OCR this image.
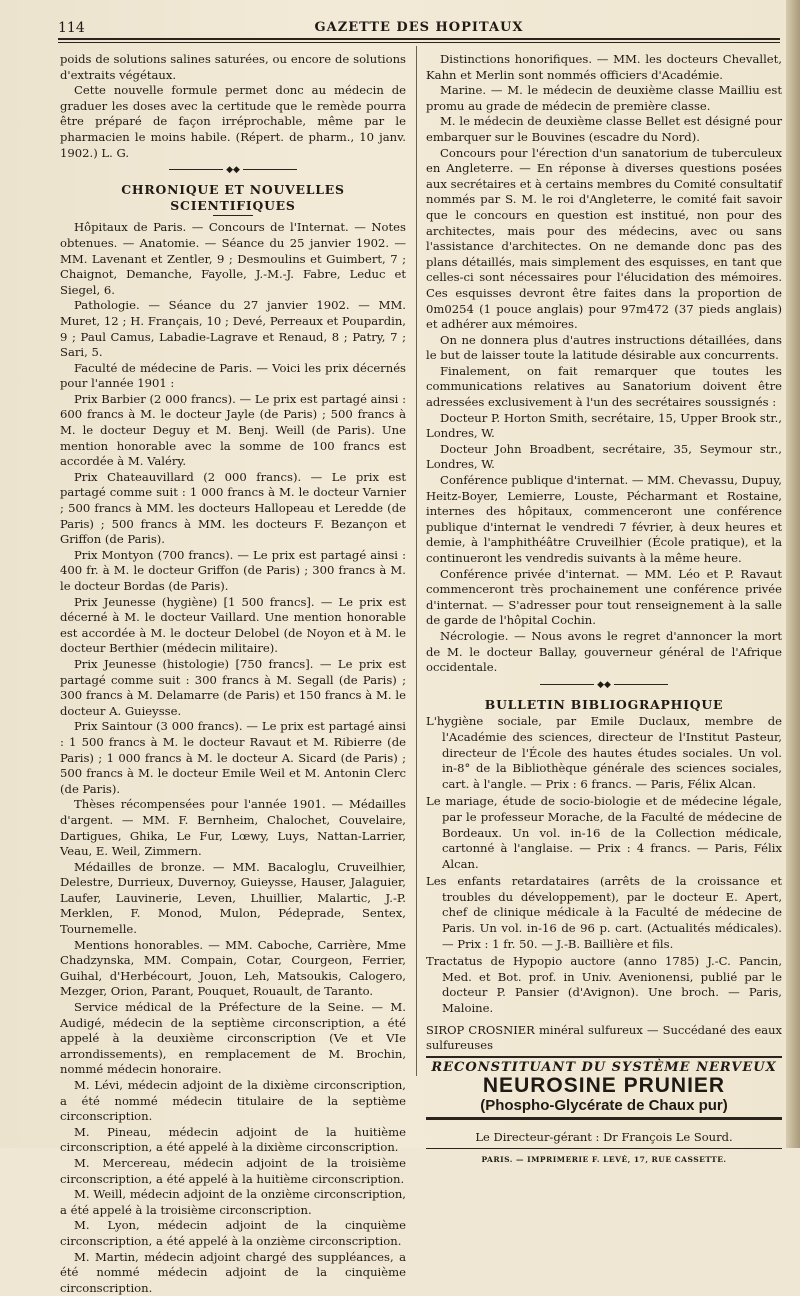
114	GAZETTE DES HOPITAUX

poids de solutions salines saturées, ou encore de solutions d'extraits végétaux.

Cette nouvelle formule permet donc au médecin de graduer les doses avec la certitude que le remède pourra être préparé de façon irréprochable, même par le pharmacien le moins habile. (Répert. de pharm., 10 janv. 1902.) L. G.

◆◆
CHRONIQUE ET NOUVELLES SCIENTIFIQUES

Hôpitaux de Paris. — Concours de l'Internat. — Notes obtenues. — Anatomie. — Séance du 25 janvier 1902. — MM. Lavenant et Zentler, 9 ; Desmoulins et Guimbert, 7 ; Chaignot, Demanche, Fayolle, J.-M.-J. Fabre, Leduc et Siegel, 6.

Pathologie. — Séance du 27 janvier 1902. — MM. Muret, 12 ; H. Français, 10 ; Devé, Perreaux et Poupardin, 9 ; Paul Camus, Labadie-Lagrave et Renaud, 8 ; Patry, 7 ; Sari, 5.

Faculté de médecine de Paris. — Voici les prix décernés pour l'année 1901 :

Prix Barbier (2 000 francs). — Le prix est partagé ainsi : 600 francs à M. le docteur Jayle (de Paris) ; 500 francs à M. le docteur Deguy et M. Benj. Weill (de Paris). Une mention honorable avec la somme de 100 francs est accordée à M. Valéry.

Prix Chateauvillard (2 000 francs). — Le prix est partagé comme suit : 1 000 francs à M. le docteur Varnier ; 500 francs à MM. les docteurs Hallopeau et Leredde (de Paris) ; 500 francs à MM. les docteurs F. Bezançon et Griffon (de Paris).

Prix Montyon (700 francs). — Le prix est partagé ainsi : 400 fr. à M. le docteur Griffon (de Paris) ; 300 francs à M. le docteur Bordas (de Paris).

Prix Jeunesse (hygiène) [1 500 francs]. — Le prix est décerné à M. le docteur Vaillard. Une mention honorable est accordée à M. le docteur Delobel (de Noyon et à M. le docteur Berthier (médecin militaire).

Prix Jeunesse (histologie) [750 francs]. — Le prix est partagé comme suit : 300 francs à M. Segall (de Paris) ; 300 francs à M. Delamarre (de Paris) et 150 francs à M. le docteur A. Guieysse.

Prix Saintour (3 000 francs). — Le prix est partagé ainsi : 1 500 francs à M. le docteur Ravaut et M. Ribierre (de Paris) ; 1 000 francs à M. le docteur A. Sicard (de Paris) ; 500 francs à M. le docteur Emile Weil et M. Antonin Clerc (de Paris).

Thèses récompensées pour l'année 1901. — Médailles d'argent. — MM. F. Bernheim, Chalochet, Couvelaire, Dartigues, Ghika, Le Fur, Lœwy, Luys, Nattan-Larrier, Veau, E. Weil, Zimmern.

Médailles de bronze. — MM. Bacaloglu, Cruveilhier, Delestre, Durrieux, Duvernoy, Guieysse, Hauser, Jalaguier, Laufer, Lauvinerie, Leven, Lhuillier, Malartic, J.-P. Merklen, F. Monod, Mulon, Pédeprade, Sentex, Tournemelle.

Mentions honorables. — MM. Caboche, Carrière, Mme Chadzynska, MM. Compain, Cotar, Courgeon, Ferrier, Guihal, d'Herbécourt, Jouon, Leh, Matsoukis, Calogero, Mezger, Orion, Parant, Pouquet, Rouault, de Taranto.

Service médical de la Préfecture de la Seine. — M. Audigé, médecin de la septième circonscription, a été appelé à la deuxième circonscription (Ve et VIe arrondissements), en remplacement de M. Brochin, nommé médecin honoraire.

M. Lévi, médecin adjoint de la dixième circonscription, a été nommé médecin titulaire de la septième circonscription.

M. Pineau, médecin adjoint de la huitième circonscription, a été appelé à la dixième circonscription.

M. Mercereau, médecin adjoint de la troisième circonscription, a été appelé à la huitième circonscription.

M. Weill, médecin adjoint de la onzième circonscription, a été appelé à la troisième circonscription.

M. Lyon, médecin adjoint de la cinquième circonscription, a été appelé à la onzième circonscription.

M. Martin, médecin adjoint chargé des suppléances, a été nommé médecin adjoint de la cinquième circonscription.

Distinctions honorifiques. — MM. les docteurs Chevallet, Kahn et Merlin sont nommés officiers d'Académie.

Marine. — M. le médecin de deuxième classe Mailliu est promu au grade de médecin de première classe.

M. le médecin de deuxième classe Bellet est désigné pour embarquer sur le Bouvines (escadre du Nord).

Concours pour l'érection d'un sanatorium de tuberculeux en Angleterre. — En réponse à diverses questions posées aux secrétaires et à certains membres du Comité consultatif nommés par S. M. le roi d'Angleterre, le comité fait savoir que le concours en question est institué, non pour des architectes, mais pour des médecins, avec ou sans l'assistance d'architectes. On ne demande donc pas des plans détaillés, mais simplement des esquisses, en tant que celles-ci sont nécessaires pour l'élucidation des mémoires. Ces esquisses devront être faites dans la proportion de 0m0254 (1 pouce anglais) pour 97m472 (37 pieds anglais) et adhérer aux mémoires.

On ne donnera plus d'autres instructions détaillées, dans le but de laisser toute la latitude désirable aux concurrents.

Finalement, on fait remarquer que toutes les communications relatives au Sanatorium doivent être adressées exclusivement à l'un des secrétaires soussignés :

Docteur P. Horton Smith, secrétaire, 15, Upper Brook str., Londres, W.

Docteur John Broadbent, secrétaire, 35, Seymour str., Londres, W.

Conférence publique d'internat. — MM. Chevassu, Dupuy, Heitz-Boyer, Lemierre, Louste, Pécharmant et Rostaine, internes des hôpitaux, commenceront une conférence publique d'internat le vendredi 7 février, à deux heures et demie, à l'amphithéâtre Cruveilhier (École pratique), et la continueront les vendredis suivants à la même heure.

Conférence privée d'internat. — MM. Léo et P. Ravaut commenceront très prochainement une conférence privée d'internat. — S'adresser pour tout renseignement à la salle de garde de l'hôpital Cochin.

Nécrologie. — Nous avons le regret d'annoncer la mort de M. le docteur Ballay, gouverneur général de l'Afrique occidentale.

◆◆
BULLETIN BIBLIOGRAPHIQUE

L'hygiène sociale, par Emile Duclaux, membre de l'Académie des sciences, directeur de l'Institut Pasteur, directeur de l'École des hautes études sociales. Un vol. in-8° de la Bibliothèque générale des sciences sociales, cart. à l'angle. — Prix : 6 francs. — Paris, Félix Alcan.

Le mariage, étude de socio-biologie et de médecine légale, par le professeur Morache, de la Faculté de médecine de Bordeaux. Un vol. in-16 de la Collection médicale, cartonné à l'anglaise. — Prix : 4 francs. — Paris, Félix Alcan.

Les enfants retardataires (arrêts de la croissance et troubles du développement), par le docteur E. Apert, chef de clinique médicale à la Faculté de médecine de Paris. Un vol. in-16 de 96 p. cart. (Actualités médicales). — Prix : 1 fr. 50. — J.-B. Baillière et fils.

Tractatus de Hypopio auctore (anno 1785) J.-C. Pancin, Med. et Bot. prof. in Univ. Avenionensi, publié par le docteur P. Pansier (d'Avignon). Une broch. — Paris, Maloine.

SIROP CROSNIER minéral sulfureux — Succédané des eaux sulfureuses
RECONSTITUANT DU SYSTÈME NERVEUX
NEUROSINE PRUNIER
(Phospho-Glycérate de Chaux pur)
Le Directeur-gérant : Dr François Le Sourd.
PARIS. — IMPRIMERIE F. LEVÉ, 17, RUE CASSETTE.
